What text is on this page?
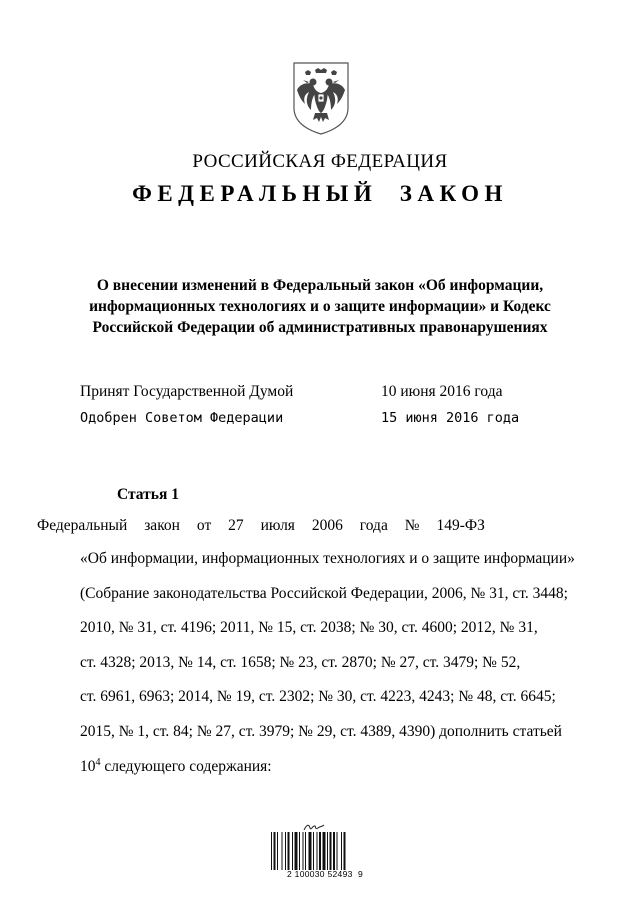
РОССИЙСКАЯ ФЕДЕРАЦИЯ
ФЕДЕРАЛЬНЫЙ  ЗАКОН
О внесении изменений в Федеральный закон «Об информации,
информационных технологиях и о защите информации» и Кодекс
Российской Федерации об административных правонарушениях
Принят Государственной Думой	10 июня 2016 года
Одобрен Советом Федерации	15 июня 2016 года
Статья 1
Федеральный закон от 27 июля 2006 года № 149-ФЗ
«Об информации, информационных технологиях и о защите информации»
(Собрание законодательства Российской Федерации, 2006, № 31, ст. 3448;
2010, № 31, ст. 4196; 2011, № 15, ст. 2038; № 30, ст. 4600; 2012, № 31,
ст. 4328; 2013, № 14, ст. 1658; № 23, ст. 2870; № 27, ст. 3479; № 52,
ст. 6961, 6963; 2014, № 19, ст. 2302; № 30, ст. 4223, 4243; № 48, ст. 6645;
2015, № 1, ст. 84; № 27, ст. 3979; № 29, ст. 4389, 4390) дополнить статьей
$10^4$ следующего содержания:
2 100030 52493  9
